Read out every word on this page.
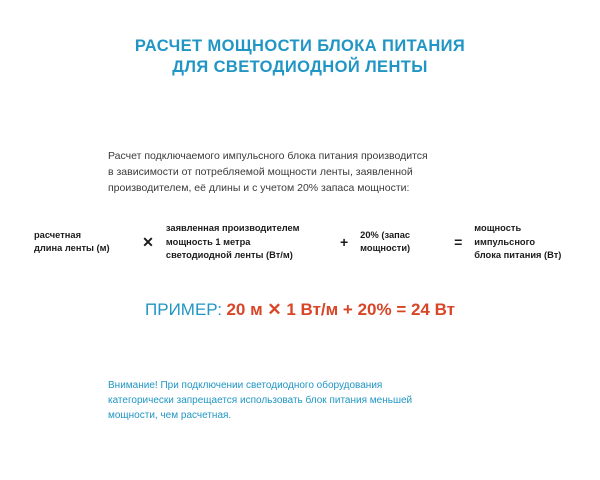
РАСЧЕТ МОЩНОСТИ БЛОКА ПИТАНИЯ
ДЛЯ СВЕТОДИОДНОЙ ЛЕНТЫ
Расчет подключаемого импульсного блока питания производится
в зависимости от потребляемой мощности ленты, заявленной
производителем, её длины и с учетом 20% запаса мощности:
расчетная
длина ленты (м)	✕
заявленная производителем
мощность 1 метра
светодиодной ленты (Вт/м)
+	20% (запас
мощности)	=
мощность
импульсного
блока питания (Вт)
ПРИМЕР: 20 м ✕ 1 Вт/м + 20% = 24 Вт
Внимание! При подключении светодиодного оборудования
категорически запрещается использовать блок питания меньшей
мощности, чем расчетная.
